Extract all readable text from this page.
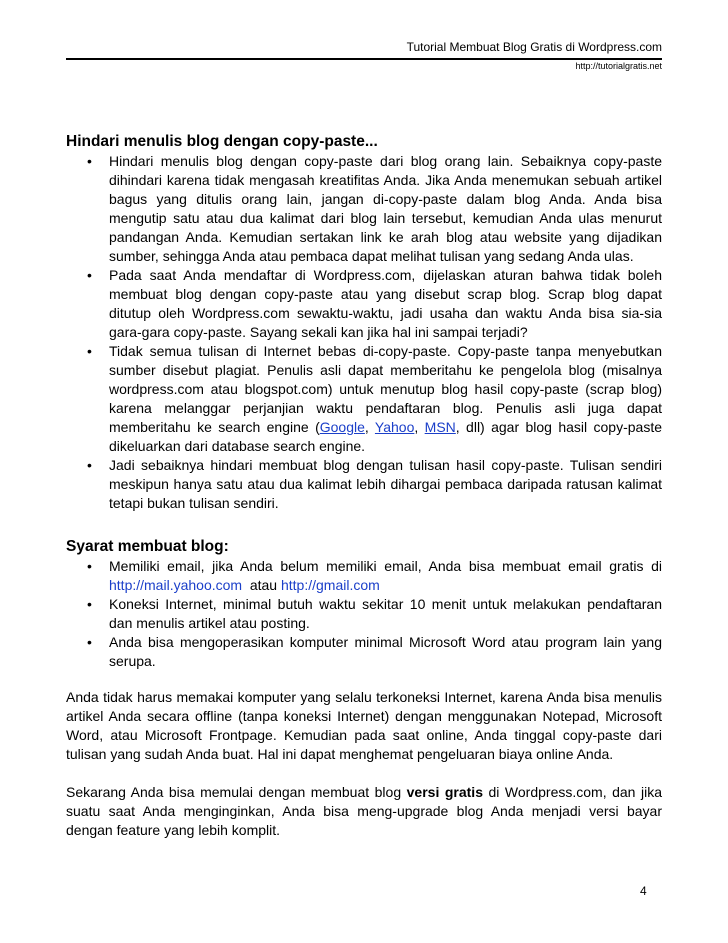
Tutorial Membuat Blog Gratis di Wordpress.com
http://tutorialgratis.net
Hindari menulis blog dengan copy-paste...
• Hindari menulis blog dengan copy-paste dari blog orang lain. Sebaiknya copy-paste dihindari karena tidak mengasah kreatifitas Anda. Jika Anda menemukan sebuah artikel bagus yang ditulis orang lain, jangan di-copy-paste dalam blog Anda. Anda bisa mengutip satu atau dua kalimat dari blog lain tersebut, kemudian Anda ulas menurut pandangan Anda. Kemudian sertakan link ke arah blog atau website yang dijadikan sumber, sehingga Anda atau pembaca dapat melihat tulisan yang sedang Anda ulas.
• Pada saat Anda mendaftar di Wordpress.com, dijelaskan aturan bahwa tidak boleh membuat blog dengan copy-paste atau yang disebut scrap blog. Scrap blog dapat ditutup oleh Wordpress.com sewaktu-waktu, jadi usaha dan waktu Anda bisa sia-sia gara-gara copy-paste. Sayang sekali kan jika hal ini sampai terjadi?
• Tidak semua tulisan di Internet bebas di-copy-paste. Copy-paste tanpa menyebutkan sumber disebut plagiat. Penulis asli dapat memberitahu ke pengelola blog (misalnya wordpress.com atau blogspot.com) untuk menutup blog hasil copy-paste (scrap blog) karena melanggar perjanjian waktu pendaftaran blog. Penulis asli juga dapat memberitahu ke search engine (Google, Yahoo, MSN, dll) agar blog hasil copy-paste dikeluarkan dari database search engine.
• Jadi sebaiknya hindari membuat blog dengan tulisan hasil copy-paste. Tulisan sendiri meskipun hanya satu atau dua kalimat lebih dihargai pembaca daripada ratusan kalimat tetapi bukan tulisan sendiri.
Syarat membuat blog:
• Memiliki email, jika Anda belum memiliki email, Anda bisa membuat email gratis di http://mail.yahoo.com  atau http://gmail.com
• Koneksi Internet, minimal butuh waktu sekitar 10 menit untuk melakukan pendaftaran dan menulis artikel atau posting.
• Anda bisa mengoperasikan komputer minimal Microsoft Word atau program lain yang serupa.

Anda tidak harus memakai komputer yang selalu terkoneksi Internet, karena Anda bisa menulis artikel Anda secara offline (tanpa koneksi Internet) dengan menggunakan Notepad, Microsoft Word, atau Microsoft Frontpage. Kemudian pada saat online, Anda tinggal copy-paste dari tulisan yang sudah Anda buat. Hal ini dapat menghemat pengeluaran biaya online Anda.

Sekarang Anda bisa memulai dengan membuat blog versi gratis di Wordpress.com, dan jika suatu saat Anda menginginkan, Anda bisa meng-upgrade blog Anda menjadi versi bayar dengan feature yang lebih komplit.

4
